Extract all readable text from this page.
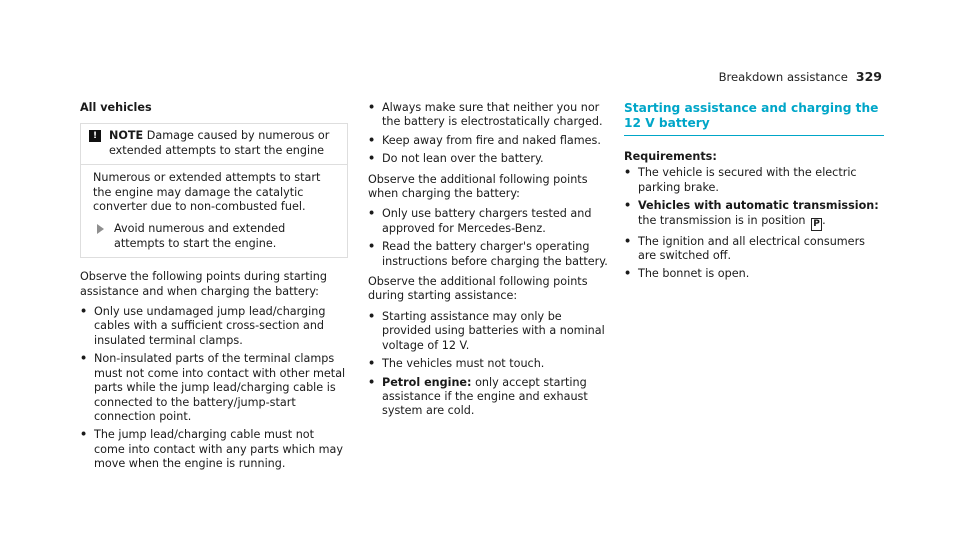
Breakdown assistance 329
All vehicles
!	NOTE Damage caused by numerous or extended attempts to start the engine

Numerous or extended attempts to start the engine may damage the catalytic converter due to non-combusted fuel.

Avoid numerous and extended attempts to start the engine.

Observe the following points during starting assistance and when charging the battery:

• Only use undamaged jump lead/charging cables with a sufficient cross-section and insulated terminal clamps.
• Non-insulated parts of the terminal clamps must not come into contact with other metal parts while the jump lead/charging cable is connected to the battery/jump-start connection point.
• The jump lead/charging cable must not come into contact with any parts which may move when the engine is running.
• Always make sure that neither you nor the battery is electrostatically charged.
• Keep away from fire and naked flames.
• Do not lean over the battery.

Observe the additional following points when charging the battery:

• Only use battery chargers tested and approved for Mercedes-Benz.
• Read the battery charger's operating instructions before charging the battery.

Observe the additional following points during starting assistance:

• Starting assistance may only be provided using batteries with a nominal voltage of 12 V.
• The vehicles must not touch.
• Petrol engine: only accept starting assistance if the engine and exhaust system are cold.
Starting assistance and charging the 12 V battery
Requirements:
• The vehicle is secured with the electric parking brake.
• Vehicles with automatic transmission: the transmission is in position P .
• The ignition and all electrical consumers are switched off.
• The bonnet is open.
